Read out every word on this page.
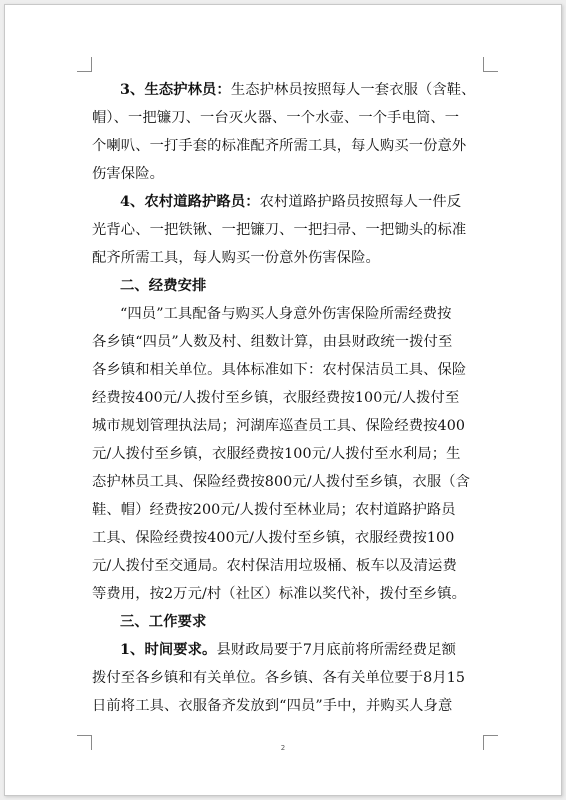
3、生态护林员：生态护林员按照每人一套衣服（含鞋、
帽）、一把镰刀、一台灭火器、一个水壶、一个手电筒、一
个喇叭、一打手套的标准配齐所需工具，每人购买一份意外
伤害保险。
4、农村道路护路员：农村道路护路员按照每人一件反
光背心、一把铁锹、一把镰刀、一把扫帚、一把锄头的标准
配齐所需工具，每人购买一份意外伤害保险。
二、经费安排
“四员”工具配备与购买人身意外伤害保险所需经费按
各乡镇“四员”人数及村、组数计算，由县财政统一拨付至
各乡镇和相关单位。具体标准如下：农村保洁员工具、保险
经费按400元/人拨付至乡镇，衣服经费按100元/人拨付至
城市规划管理执法局；河湖库巡查员工具、保险经费按400
元/人拨付至乡镇，衣服经费按100元/人拨付至水利局；生
态护林员工具、保险经费按800元/人拨付至乡镇，衣服（含
鞋、帽）经费按200元/人拨付至林业局；农村道路护路员
工具、保险经费按400元/人拨付至乡镇，衣服经费按100
元/人拨付至交通局。农村保洁用垃圾桶、板车以及清运费
等费用，按2万元/村（社区）标准以奖代补，拨付至乡镇。
三、工作要求
1、时间要求。县财政局要于7月底前将所需经费足额
拨付至各乡镇和有关单位。各乡镇、各有关单位要于8月15
日前将工具、衣服备齐发放到“四员”手中，并购买人身意
2
